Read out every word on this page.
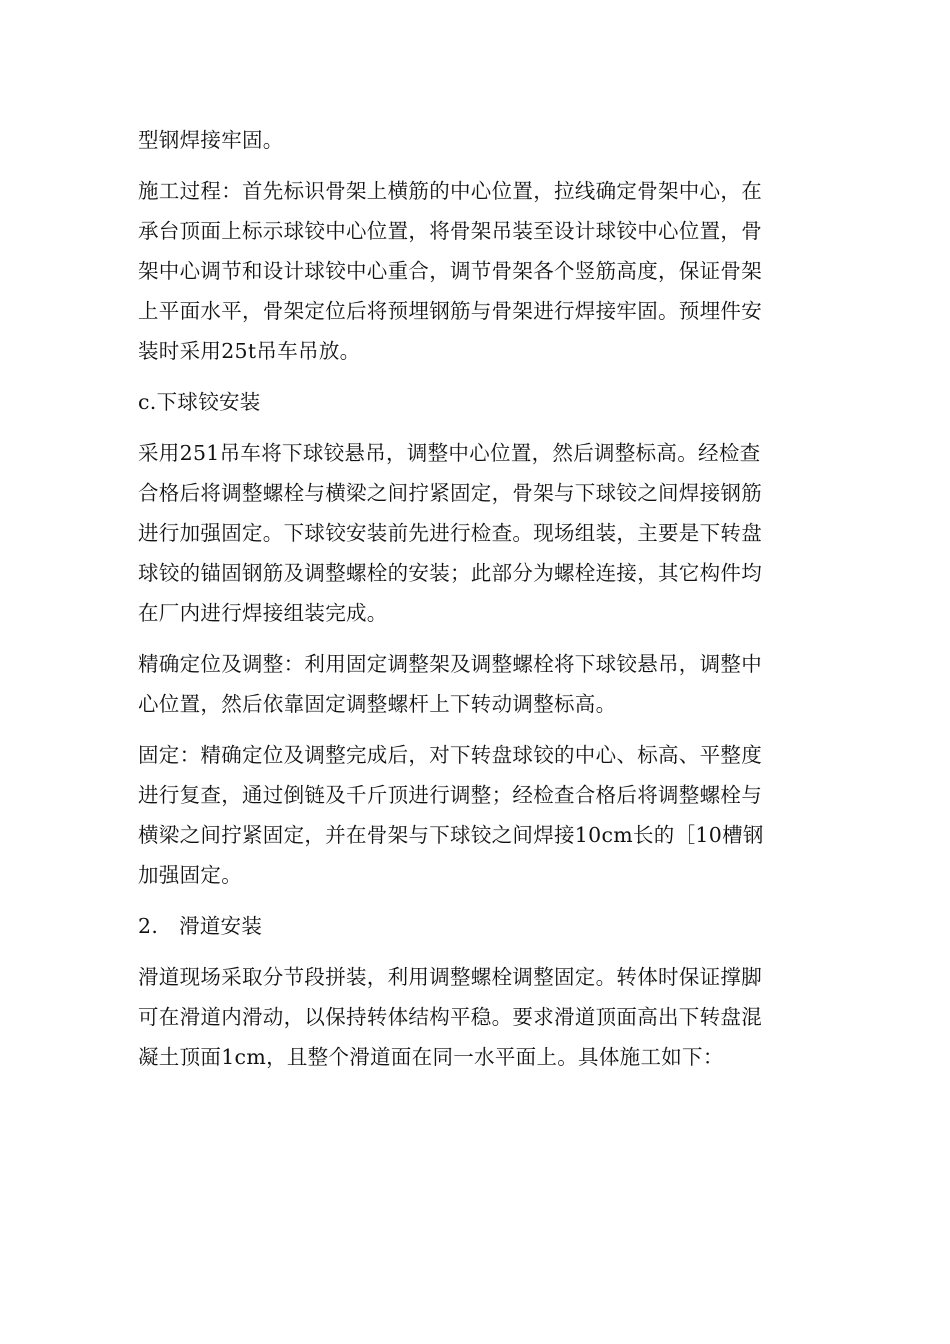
型钢焊接牢固。
施工过程：首先标识骨架上横筋的中心位置，拉线确定骨架中心，在
承台顶面上标示球铰中心位置，将骨架吊装至设计球铰中心位置，骨
架中心调节和设计球铰中心重合，调节骨架各个竖筋高度，保证骨架
上平面水平，骨架定位后将预埋钢筋与骨架进行焊接牢固。预埋件安
装时采用25t吊车吊放。
c.下球铰安装
采用251吊车将下球铰悬吊，调整中心位置，然后调整标高。经检查
合格后将调整螺栓与横梁之间拧紧固定，骨架与下球铰之间焊接钢筋
进行加强固定。下球铰安装前先进行检查。现场组装，主要是下转盘
球铰的锚固钢筋及调整螺栓的安装；此部分为螺栓连接，其它构件均
在厂内进行焊接组装完成。
精确定位及调整：利用固定调整架及调整螺栓将下球铰悬吊，调整中
心位置，然后依靠固定调整螺杆上下转动调整标高。
固定：精确定位及调整完成后，对下转盘球铰的中心、标高、平整度
进行复查，通过倒链及千斤顶进行调整；经检查合格后将调整螺栓与
横梁之间拧紧固定，并在骨架与下球铰之间焊接10cm长的［10槽钢
加强固定。
2.　滑道安装
滑道现场采取分节段拼装，利用调整螺栓调整固定。转体时保证撑脚
可在滑道内滑动，以保持转体结构平稳。要求滑道顶面高出下转盘混
凝土顶面1cm，且整个滑道面在同一水平面上。具体施工如下：
